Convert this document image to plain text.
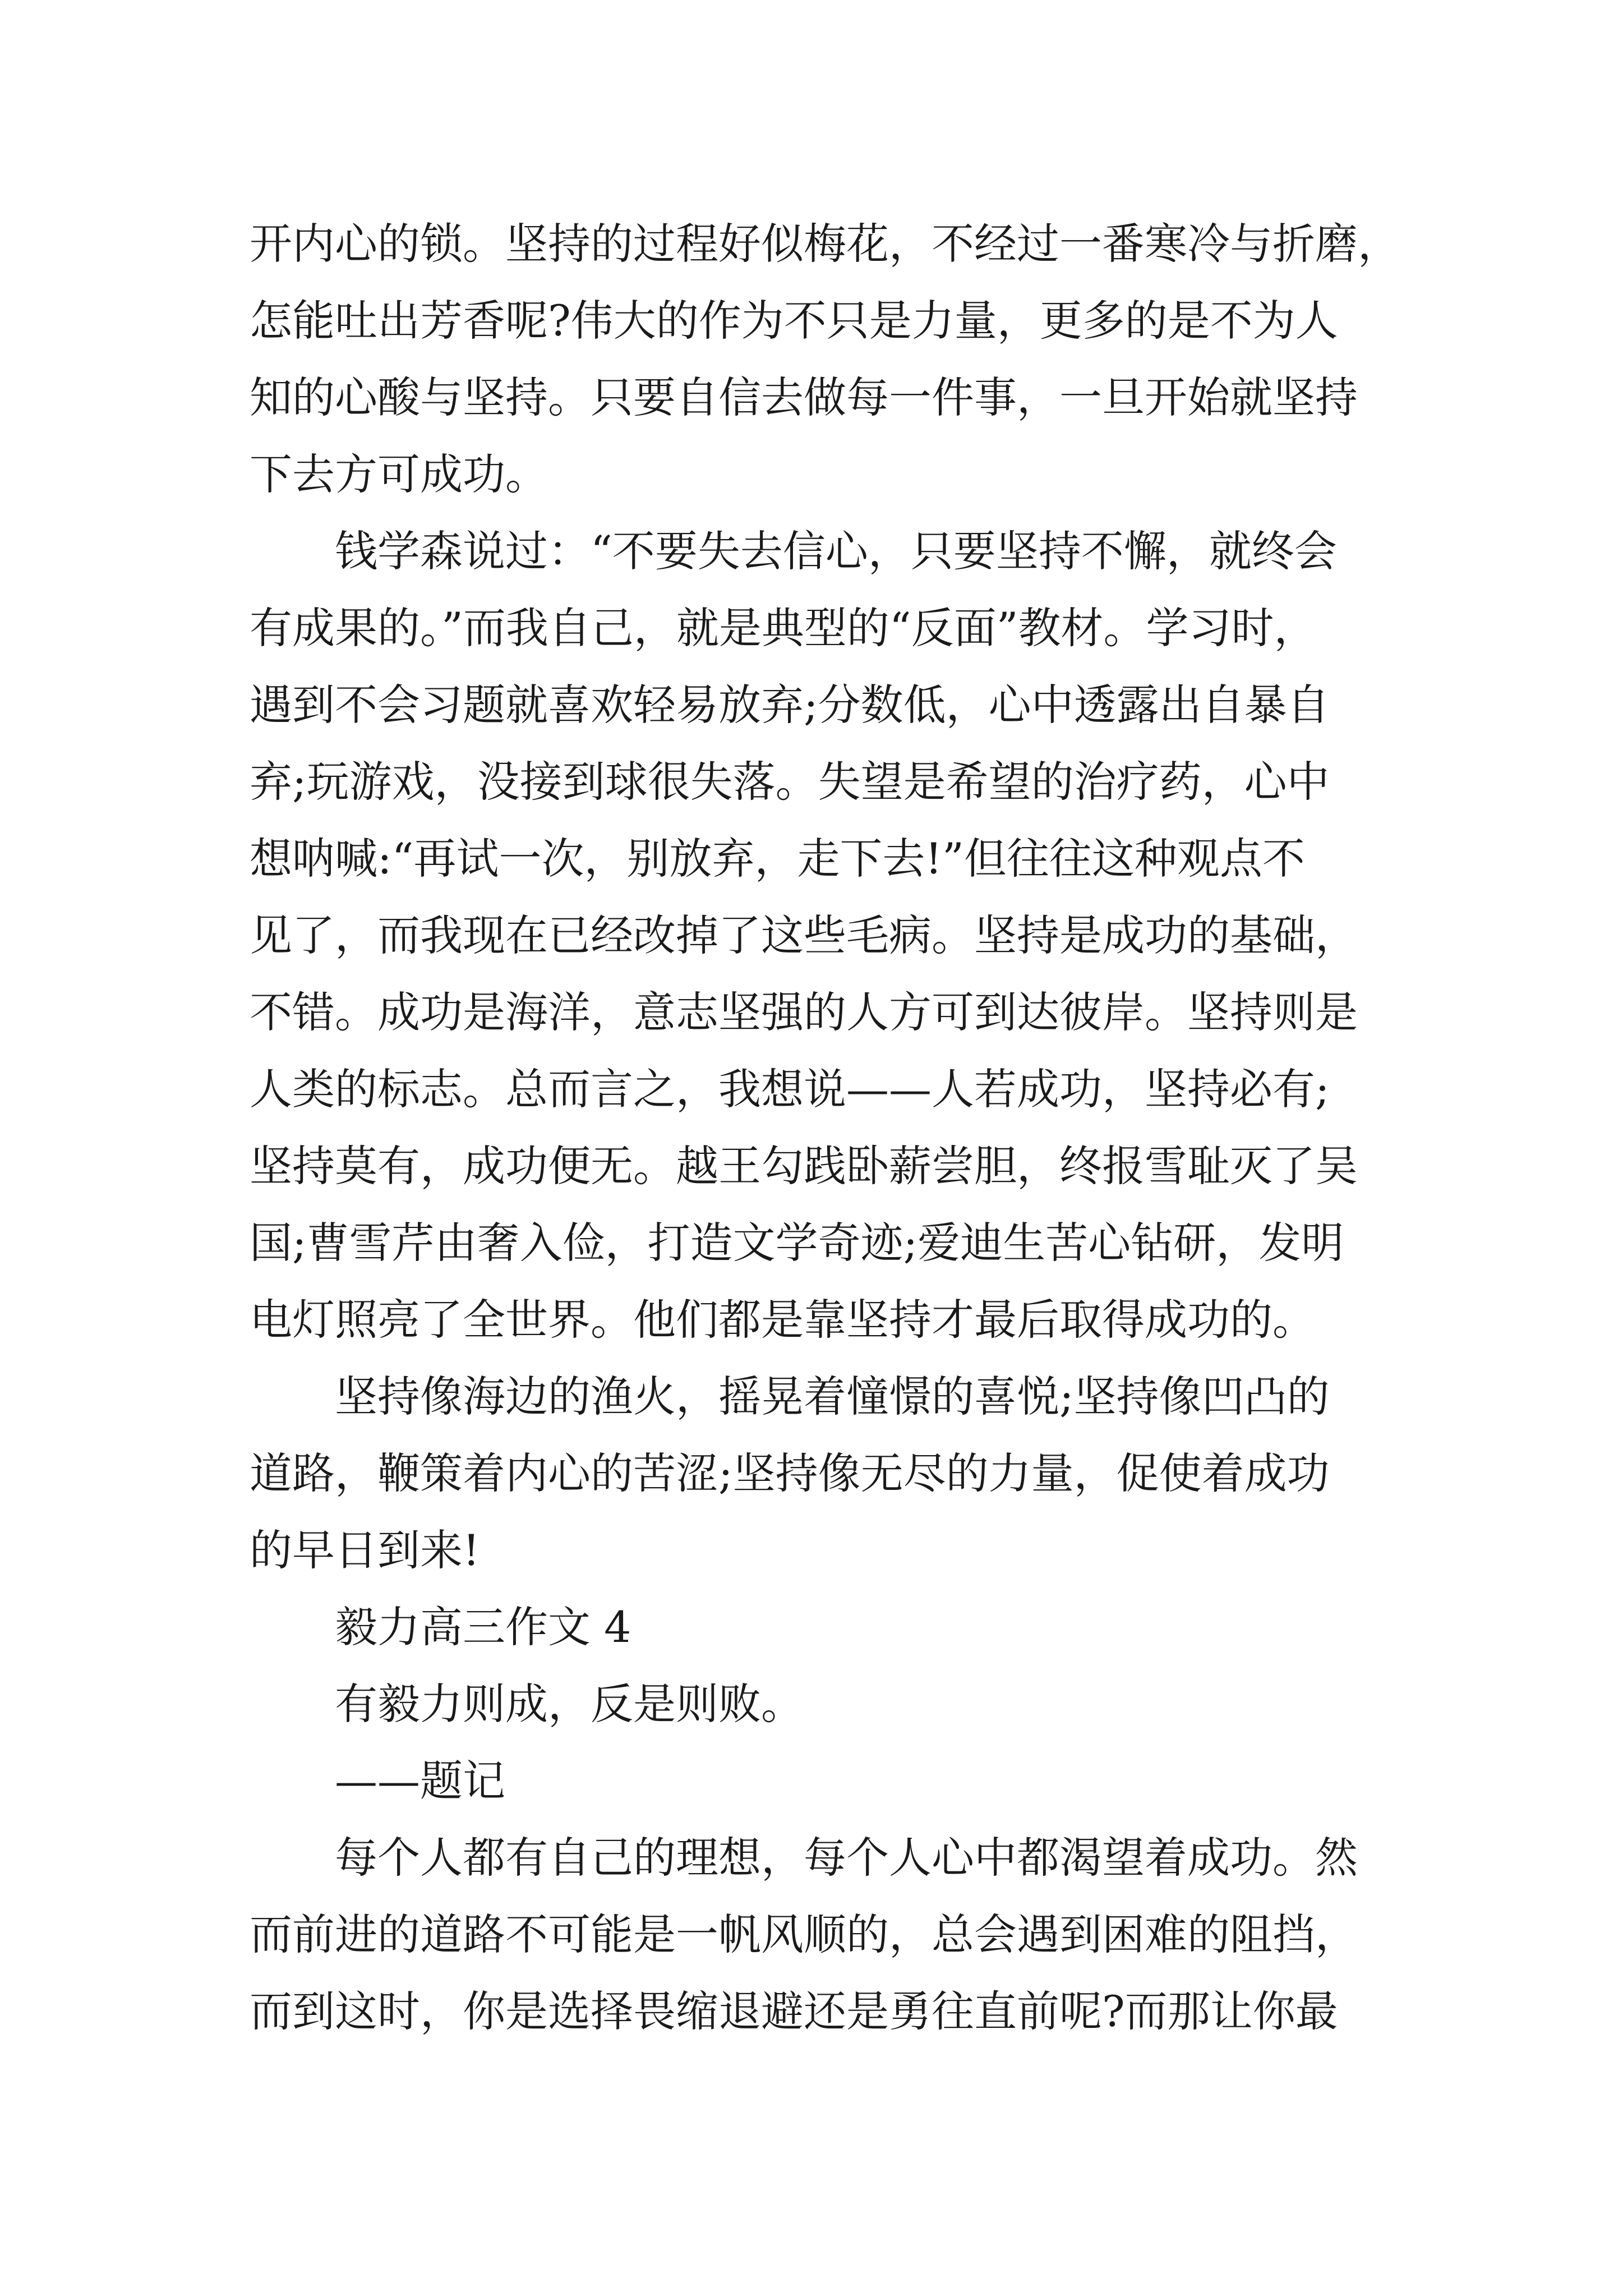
开内心的锁。坚持的过程好似梅花，不经过一番寒冷与折磨，
怎能吐出芳香呢?伟大的作为不只是力量，更多的是不为人
知的心酸与坚持。只要自信去做每一件事，一旦开始就坚持
下去方可成功。
钱学森说过：“不要失去信心，只要坚持不懈，就终会
有成果的。”而我自己，就是典型的“反面”教材。学习时，
遇到不会习题就喜欢轻易放弃;分数低，心中透露出自暴自
弃;玩游戏，没接到球很失落。失望是希望的治疗药，心中
想呐喊:“再试一次，别放弃，走下去!”但往往这种观点不
见了，而我现在已经改掉了这些毛病。坚持是成功的基础，
不错。成功是海洋，意志坚强的人方可到达彼岸。坚持则是
人类的标志。总而言之，我想说——人若成功，坚持必有;
坚持莫有，成功便无。越王勾践卧薪尝胆，终报雪耻灭了吴
国;曹雪芹由奢入俭，打造文学奇迹;爱迪生苦心钻研，发明
电灯照亮了全世界。他们都是靠坚持才最后取得成功的。
坚持像海边的渔火，摇晃着憧憬的喜悦;坚持像凹凸的
道路，鞭策着内心的苦涩;坚持像无尽的力量，促使着成功
的早日到来!
毅力高三作文 4
有毅力则成，反是则败。
——题记
每个人都有自己的理想，每个人心中都渴望着成功。然
而前进的道路不可能是一帆风顺的，总会遇到困难的阻挡，
而到这时，你是选择畏缩退避还是勇往直前呢?而那让你最
